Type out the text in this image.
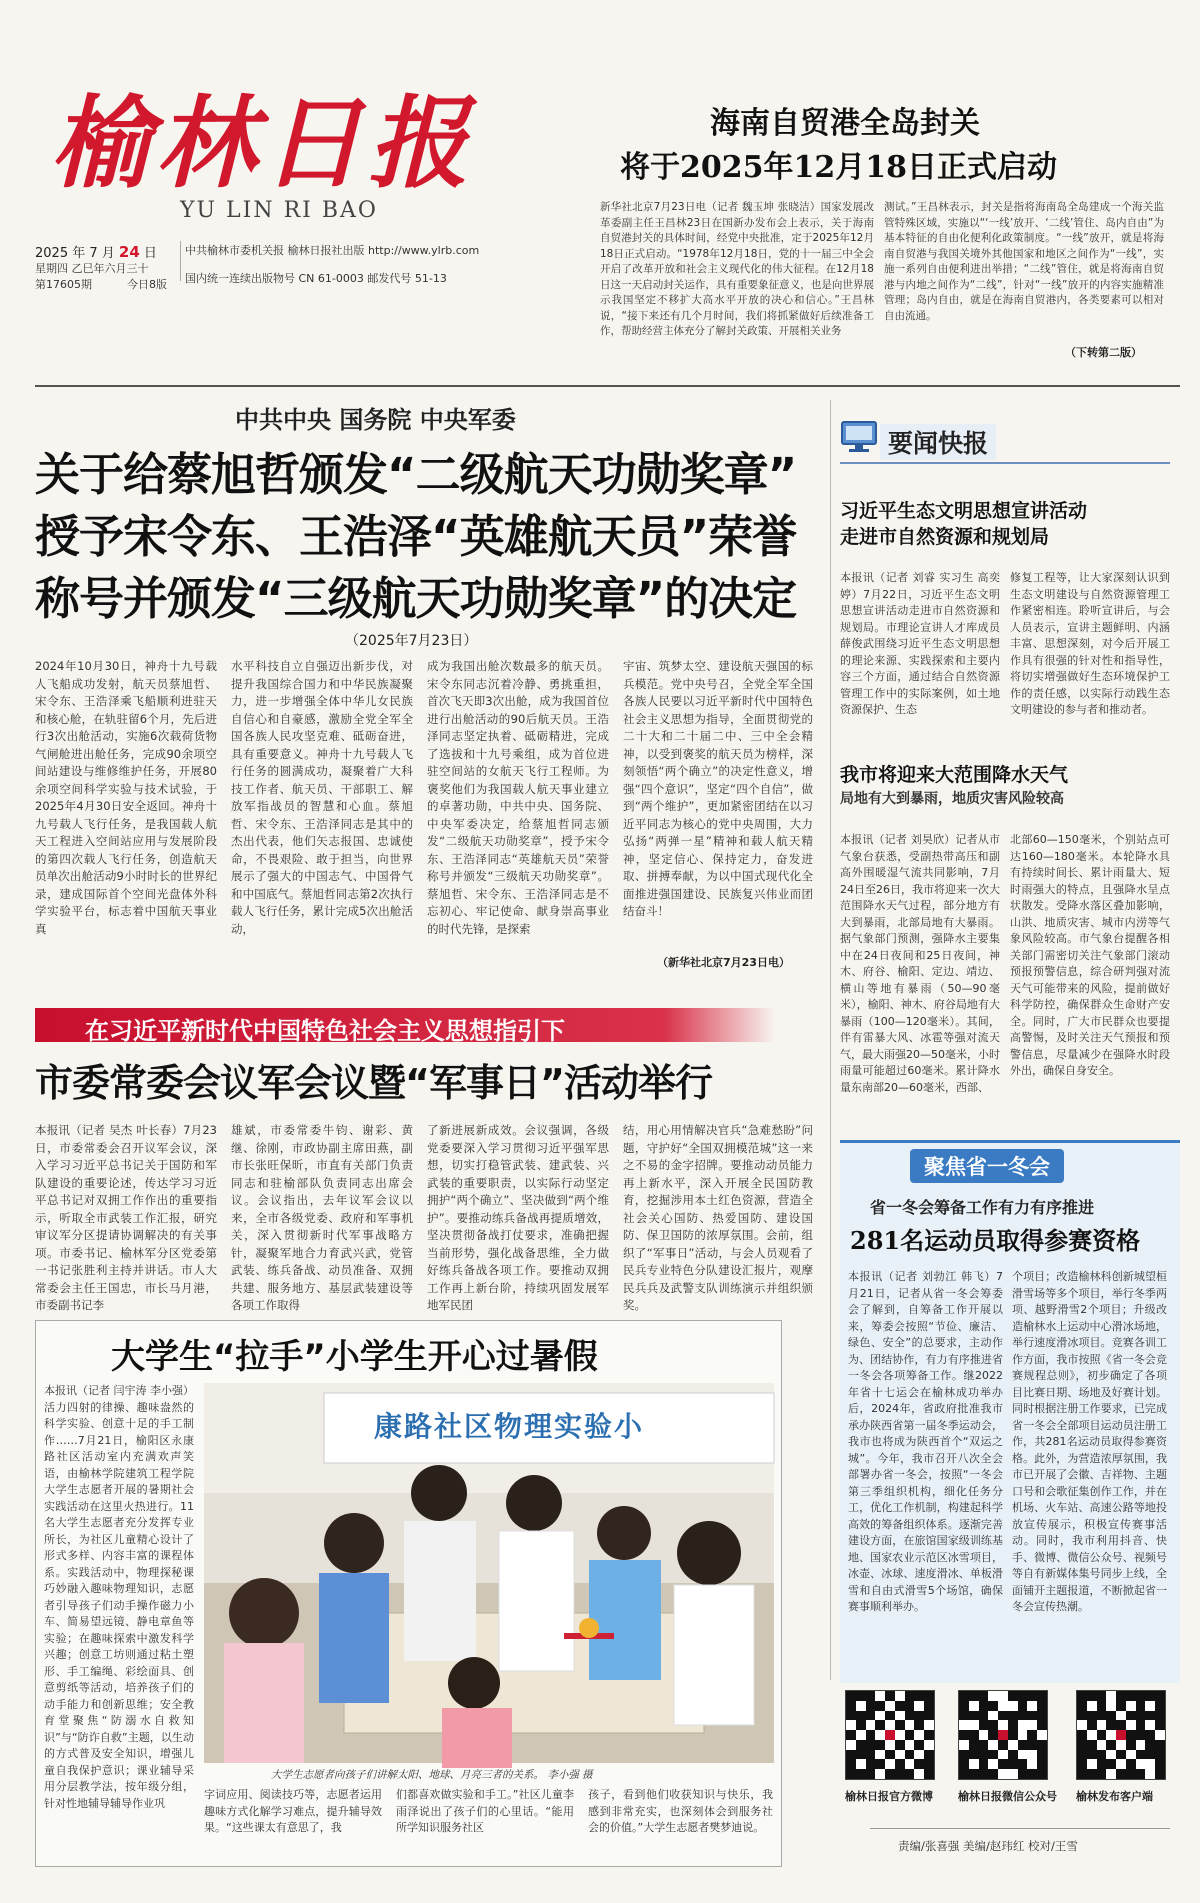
榆林日报
YU LIN RI BAO
2025 年 7 月 24 日
星期四 乙巳年六月三十
第17605期	今日8版
中共榆林市委机关报 榆林日报社出版 http://www.ylrb.com
国内统一连续出版物号 CN 61-0003 邮发代号 51-13
海南自贸港全岛封关
将于2025年12月18日正式启动
新华社北京7月23日电（记者 魏玉坤 张晓洁）国家发展改革委副主任王昌林23日在国新办发布会上表示，关于海南自贸港封关的具体时间，经党中央批准，定于2025年12月18日正式启动。“1978年12月18日，党的十一届三中全会开启了改革开放和社会主义现代化的伟大征程。在12月18日这一天启动封关运作，具有重要象征意义，也是向世界展示我国坚定不移扩大高水平开放的决心和信心。”王昌林说，“接下来还有几个月时间，我们将抓紧做好后续准备工作，帮助经营主体充分了解封关政策、开展相关业务
测试。”王昌林表示，封关是指将海南岛全岛建成一个海关监管特殊区域，实施以“‘一线’放开、‘二线’管住、岛内自由”为基本特征的自由化便利化政策制度。“一线”放开，就是将海南自贸港与我国关境外其他国家和地区之间作为“一线”，实施一系列自由便利进出举措；“二线”管住，就是将海南自贸港与内地之间作为“二线”，针对“一线”放开的内容实施精准管理；岛内自由，就是在海南自贸港内，各类要素可以相对自由流通。
（下转第二版）
中共中央 国务院 中央军委
关于给蔡旭哲颁发“二级航天功勋奖章”
授予宋令东、王浩泽“英雄航天员”荣誉
称号并颁发“三级航天功勋奖章”的决定
（2025年7月23日）
2024年10月30日，神舟十九号载人飞船成功发射，航天员蔡旭哲、宋令东、王浩泽乘飞船顺利进驻天和核心舱，在轨驻留6个月，先后进行3次出舱活动，实施6次载荷货物气闸舱进出舱任务，完成90余项空间站建设与维修维护任务，开展80余项空间科学实验与技术试验，于2025年4月30日安全返回。神舟十九号载人飞行任务，是我国载人航天工程进入空间站应用与发展阶段的第四次载人飞行任务，创造航天员单次出舱活动9小时时长的世界纪录，建成国际首个空间光盘体外科学实验平台，标志着中国航天事业真
水平科技自立自强迈出新步伐，对提升我国综合国力和中华民族凝聚力，进一步增强全体中华儿女民族自信心和自豪感，激励全党全军全国各族人民攻坚克难、砥砺奋进，具有重要意义。神舟十九号载人飞行任务的圆满成功，凝聚着广大科技工作者、航天员、干部职工、解放军指战员的智慧和心血。蔡旭哲、宋令东、王浩泽同志是其中的杰出代表，他们矢志报国、忠诚使命，不畏艰险、敢于担当，向世界展示了强大的中国志气、中国骨气和中国底气。蔡旭哲同志第2次执行载人飞行任务，累计完成5次出舱活动，
成为我国出舱次数最多的航天员。宋令东同志沉着冷静、勇挑重担，首次飞天即3次出舱，成为我国首位进行出舱活动的90后航天员。王浩泽同志坚定执着、砥砺精进，完成了选拔和十九号乘组，成为首位进驻空间站的女航天飞行工程师。为褒奖他们为我国载人航天事业建立的卓著功勋，中共中央、国务院、中央军委决定，给蔡旭哲同志颁发“二级航天功勋奖章”，授予宋令东、王浩泽同志“英雄航天员”荣誉称号并颁发“三级航天功勋奖章”。蔡旭哲、宋令东、王浩泽同志是不忘初心、牢记使命、献身崇高事业的时代先锋，是探索
宇宙、筑梦太空、建设航天强国的标兵模范。党中央号召，全党全军全国各族人民要以习近平新时代中国特色社会主义思想为指导，全面贯彻党的二十大和二十届二中、三中全会精神，以受到褒奖的航天员为榜样，深刻领悟“两个确立”的决定性意义，增强“四个意识”，坚定“四个自信”，做到“两个维护”，更加紧密团结在以习近平同志为核心的党中央周围，大力弘扬“两弹一星”精神和载人航天精神，坚定信心、保持定力，奋发进取、拼搏奉献，为以中国式现代化全面推进强国建设、民族复兴伟业而团结奋斗！
（新华社北京7月23日电）
要闻快报
习近平生态文明思想宣讲活动
走进市自然资源和规划局
本报讯（记者 刘睿 实习生 高奕婷）7月22日，习近平生态文明思想宣讲活动走进市自然资源和规划局。市理论宣讲人才库成员薛俊武围绕习近平生态文明思想的理论来源、实践探索和主要内容三个方面，通过结合自然资源管理工作中的实际案例，如土地资源保护、生态
修复工程等，让大家深刻认识到生态文明建设与自然资源管理工作紧密相连。聆听宣讲后，与会人员表示，宣讲主题鲜明、内涵丰富、思想深刻，对今后开展工作具有很强的针对性和指导性，将切实增强做好生态环境保护工作的责任感，以实际行动践生态文明建设的参与者和推动者。
我市将迎来大范围降水天气
局地有大到暴雨，地质灾害风险较高
本报讯（记者 刘昊欣）记者从市气象台获悉，受副热带高压和副高外围暖湿气流共同影响，7月24日至26日，我市将迎来一次大范围降水天气过程，部分地方有大到暴雨，北部局地有大暴雨。据气象部门预测，强降水主要集中在24日夜间和25日夜间，神木、府谷、榆阳、定边、靖边、横山等地有暴雨（50—90毫米），榆阳、神木、府谷局地有大暴雨（100—120毫米）。其间，伴有雷暴大风、冰雹等强对流天气，最大雨强20—50毫米，小时雨量可能超过60毫米。累计降水量东南部20—60毫米，西部、
北部60—150毫米，个别站点可达160—180毫米。本轮降水具有持续时间长、累计雨量大、短时雨强大的特点，且强降水呈点状散发。受降水落区叠加影响，山洪、地质灾害、城市内涝等气象风险较高。市气象台提醒各相关部门需密切关注气象部门滚动预报预警信息，综合研判强对流天气可能带来的风险，提前做好科学防控，确保群众生命财产安全。同时，广大市民群众也要提高警惕，及时关注天气预报和预警信息，尽量减少在强降水时段外出，确保自身安全。
在习近平新时代中国特色社会主义思想指引下
市委常委会议军会议暨“军事日”活动举行
本报讯（记者 吴杰 叶长春）7月23日，市委常委会召开议军会议，深入学习习近平总书记关于国防和军队建设的重要论述，传达学习习近平总书记对双拥工作作出的重要指示，听取全市武装工作汇报，研究审议军分区提请协调解决的有关事项。市委书记、榆林军分区党委第一书记张胜利主持并讲话。市人大常委会主任王国忠，市长马月港，市委副书记李
雄斌，市委常委牛钧、谢彩、黄继、徐刚，市政协副主席田燕，副市长张旺保昕，市直有关部门负责同志和驻榆部队负责同志出席会议。会议指出，去年议军会议以来，全市各级党委、政府和军事机关，深入贯彻新时代军事战略方针，凝聚军地合力育武兴武，党管武装、练兵备战、动员准备、双拥共建、服务地方、基层武装建设等各项工作取得
了新进展新成效。会议强调，各级党委要深入学习贯彻习近平强军思想，切实打稳管武装、建武装、兴武装的重要职责，以实际行动坚定拥护“两个确立”、坚决做到“两个维护”。要推动练兵备战再提质增效，坚决贯彻备战打仗要求，准确把握当前形势，强化战备思维，全力做好练兵备战各项工作。要推动双拥工作再上新台阶，持续巩固发展军地军民团
结，用心用情解决官兵“急难愁盼”问题，守护好“全国双拥模范城”这一来之不易的金字招牌。要推动动员能力再上新水平，深入开展全民国防教育，挖掘涉用本土红色资源，营造全社会关心国防、热爱国防、建设国防、保卫国防的浓厚氛围。会前，组织了“军事日”活动，与会人员观看了民兵专业特色分队建设汇报片，观摩民兵兵及武警支队训练演示并组织颁奖。
聚焦省一冬会
省一冬会筹备工作有力有序推进
281名运动员取得参赛资格
本报讯（记者 刘勃江 韩飞）7月21日，记者从省一冬会筹委会了解到，自筹备工作开展以来，筹委会按照“节俭、廉洁、绿色、安全”的总要求，主动作为、团结协作，有力有序推进省一冬会各项筹备工作。继2022年省十七运会在榆林成功举办后，2024年，省政府批准我市承办陕西省第一届冬季运动会，我市也将成为陕西首个“双运之城”。今年，我市召开八次全会部署办省一冬会，按照“一冬会第三季组织机构，细化任务分工，优化工作机制，构建起科学高效的筹备组织体系。逐渐完善建设方面，在旅馆国家级训练基地、国家农业示范区冰雪项目，冰壶、冰球、速度滑冰、单板滑雪和自由式滑雪5个场馆，确保赛事顺利举办。
个项目；改造榆林科创新城望桓滑雪场等多个项目，举行冬季两项、越野滑雪2个项目；升级改造榆林水上运动中心滑冰场地，举行速度滑冰项目。竞赛各训工作方面，我市按照《省一冬会竞赛规程总则》，初步确定了各项目比赛日期、场地及好赛计划。同时根据注册工作要求，已完成省一冬会全部项目运动员注册工作，共281名运动员取得参赛资格。此外，为营造浓厚氛围，我市已开展了会徽、吉祥物、主题口号和会歌征集创作工作，并在机场、火车站、高速公路等地投放宣传展示，积极宣传赛事活动。同时，我市利用抖音、快手、微博、微信公众号、视频号等自有新媒体集号同步上线，全面铺开主题报道，不断掀起省一冬会宣传热潮。
大学生“拉手”小学生开心过暑假
本报讯（记者 闫宇涛 李小强）活力四射的律操、趣味盎然的科学实验、创意十足的手工制作……7月21日，榆阳区永康路社区活动室内充满欢声笑语，由榆林学院建筑工程学院大学生志愿者开展的暑期社会实践活动在这里火热进行。11名大学生志愿者充分发挥专业所长，为社区儿童精心设计了形式多样、内容丰富的课程体系。实践活动中，物理探秘课巧妙融入趣味物理知识，志愿者引导孩子们动手操作磁力小车、简易望远镜、静电章鱼等实验；在趣味探索中激发科学兴趣；创意工坊则通过粘土塑形、手工编绳、彩绘面具、创意剪纸等活动，培养孩子们的动手能力和创新思维；安全教育堂聚焦“防溺水自救知识”与“防诈自救”主题，以生动的方式普及安全知识，增强儿童自我保护意识；课业辅导采用分层教学法，按年级分组，针对性地辅导辅导作业巩
康路社区物理实验小
大学生志愿者向孩子们讲解太阳、地球、月亮三者的关系。 李小强 摄
字词应用、阅读技巧等，志愿者运用趣味方式化解学习难点，提升辅导效果。“这些课太有意思了，我
们都喜欢做实验和手工。”社区儿童李雨泽说出了孩子们的心里话。“能用所学知识服务社区
孩子，看到他们收获知识与快乐，我感到非常充实，也深刻体会到服务社会的价值。”大学生志愿者樊梦迪说。
榆林日报官方微博 榆林日报微信公众号 榆林发布客户端
责编/张喜强 美编/赵玮红 校对/王雪
